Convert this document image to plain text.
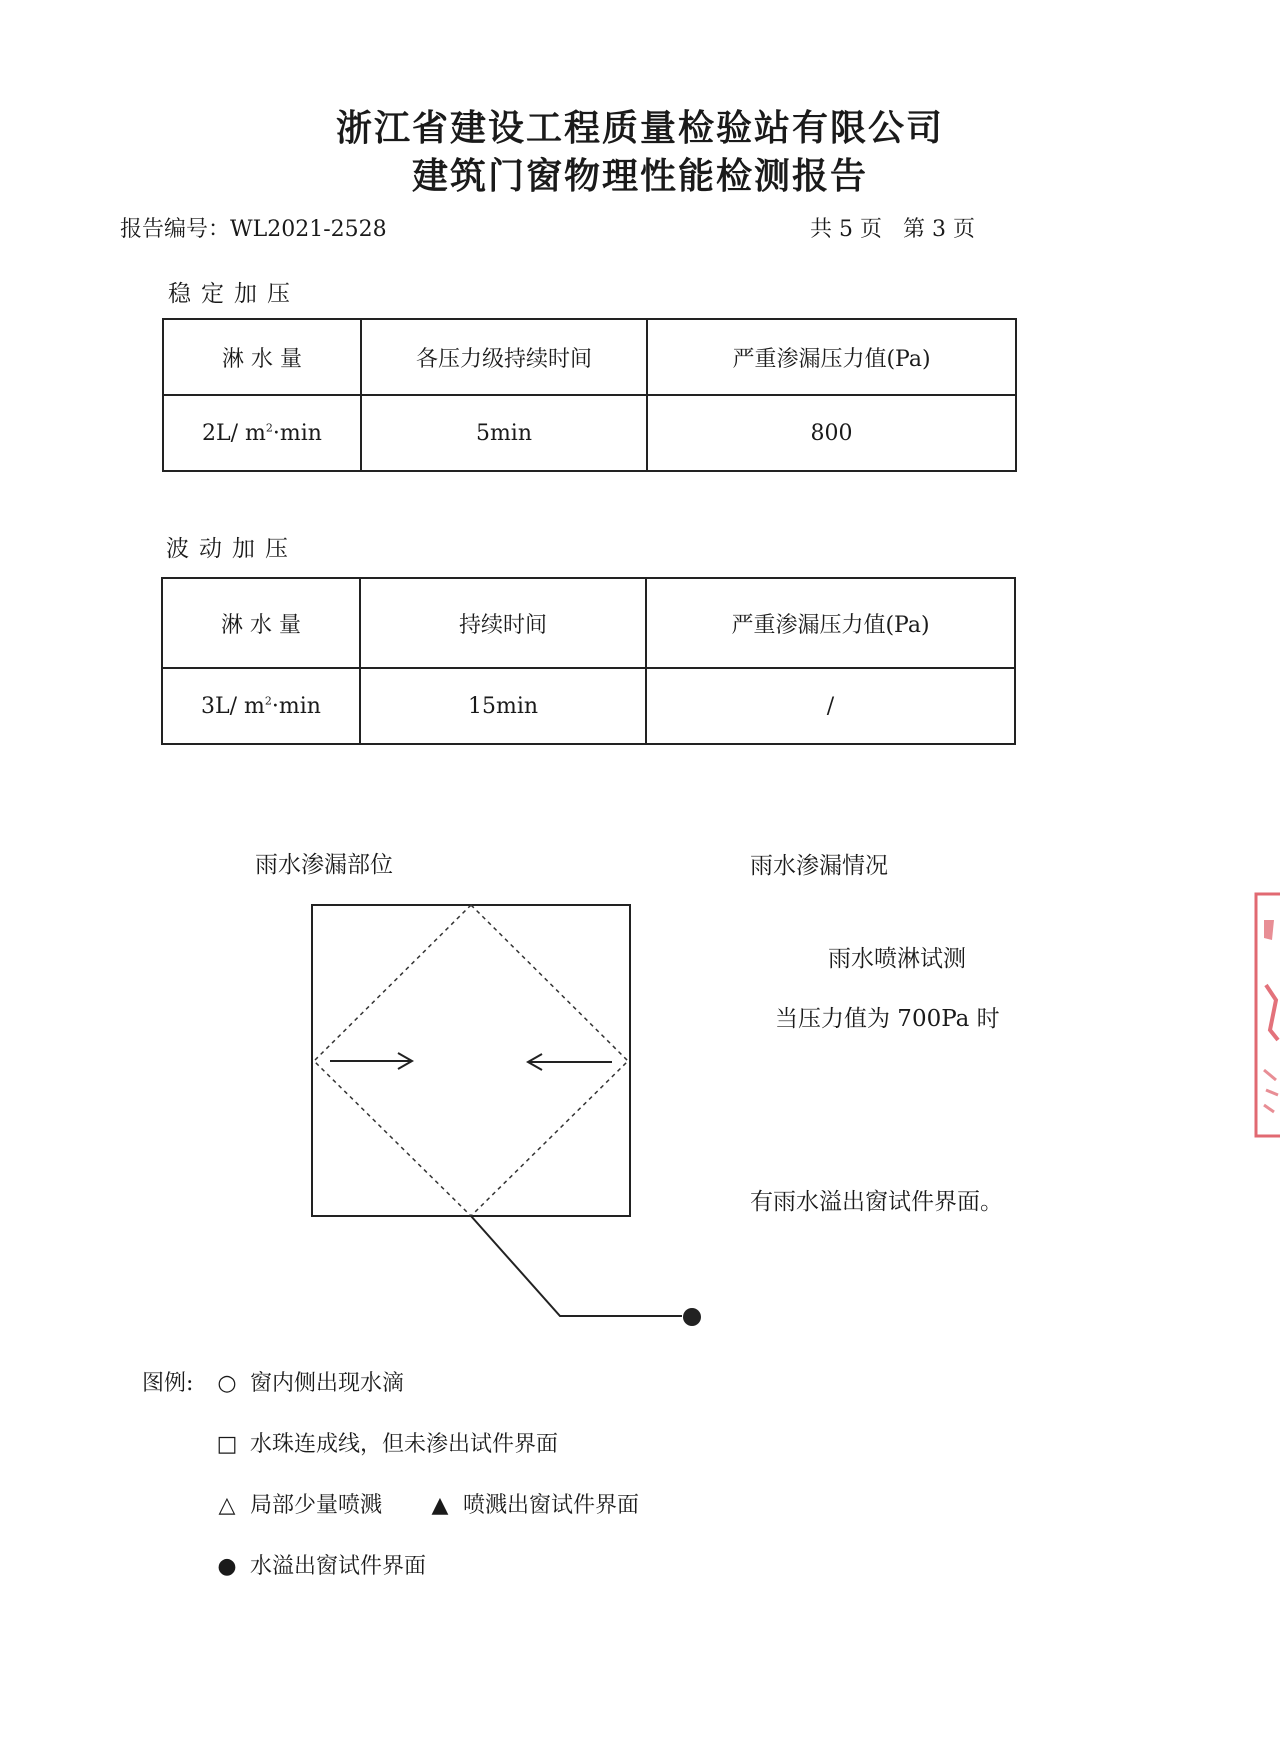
浙江省建设工程质量检验站有限公司
建筑门窗物理性能检测报告
报告编号：WL2021-2528	共 5 页   第 3 页
稳定加压
淋 水 量	各压力级持续时间	严重渗漏压力值(Pa)
2L/ $m^2\cdot\min$	5min	800
波动加压
淋 水 量	持续时间	严重渗漏压力值(Pa)
3L/ $m^2\cdot\min$	15min	/
雨水渗漏部位	雨水渗漏情况
雨水喷淋试测
当压力值为 700Pa 时
有雨水溢出窗试件界面。
图例: ○ 窗内侧出现水滴
□ 水珠连成线，但未渗出试件界面
△ 局部少量喷溅 ▲ 喷溅出窗试件界面
● 水溢出窗试件界面
